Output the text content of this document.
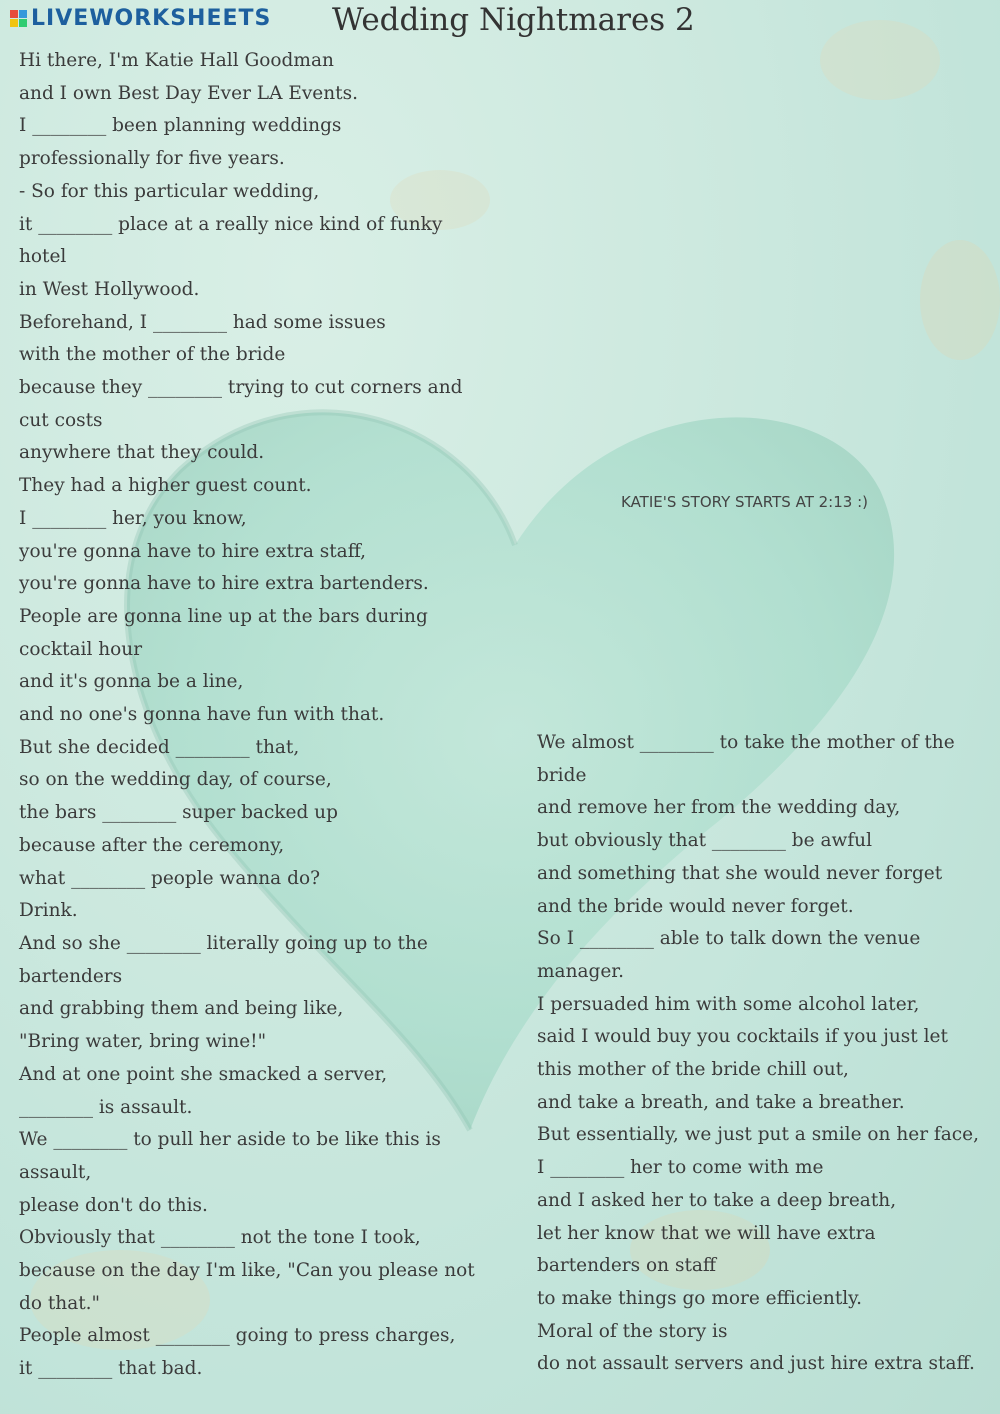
LIVEWORKSHEETS Wedding Nightmares 2
KATIE'S STORY STARTS AT 2:13 :)
Hi there, I'm Katie Hall Goodman
and I own Best Day Ever LA Events.
I ________ been planning weddings
professionally for five years.
- So for this particular wedding,
it ________ place at a really nice kind of funky
hotel
in West Hollywood.
Beforehand, I ________ had some issues
with the mother of the bride
because they ________ trying to cut corners and
cut costs
anywhere that they could.
They had a higher guest count.
I ________ her, you know,
you're gonna have to hire extra staff,
you're gonna have to hire extra bartenders.
People are gonna line up at the bars during
cocktail hour
and it's gonna be a line,
and no one's gonna have fun with that.
But she decided ________ that,
so on the wedding day, of course,
the bars ________ super backed up
because after the ceremony,
what ________ people wanna do?
Drink.
And so she ________ literally going up to the
bartenders
and grabbing them and being like,
"Bring water, bring wine!"
And at one point she smacked a server,
________ is assault.
We ________ to pull her aside to be like this is
assault,
please don't do this.
Obviously that ________ not the tone I took,
because on the day I'm like, "Can you please not
do that."
People almost ________ going to press charges,
it ________ that bad.
We almost ________ to take the mother of the
bride
and remove her from the wedding day,
but obviously that ________ be awful
and something that she would never forget
and the bride would never forget.
So I ________ able to talk down the venue
manager.
I persuaded him with some alcohol later,
said I would buy you cocktails if you just let
this mother of the bride chill out,
and take a breath, and take a breather.
But essentially, we just put a smile on her face,
I ________ her to come with me
and I asked her to take a deep breath,
let her know that we will have extra
bartenders on staff
to make things go more efficiently.
Moral of the story is
do not assault servers and just hire extra staff.
